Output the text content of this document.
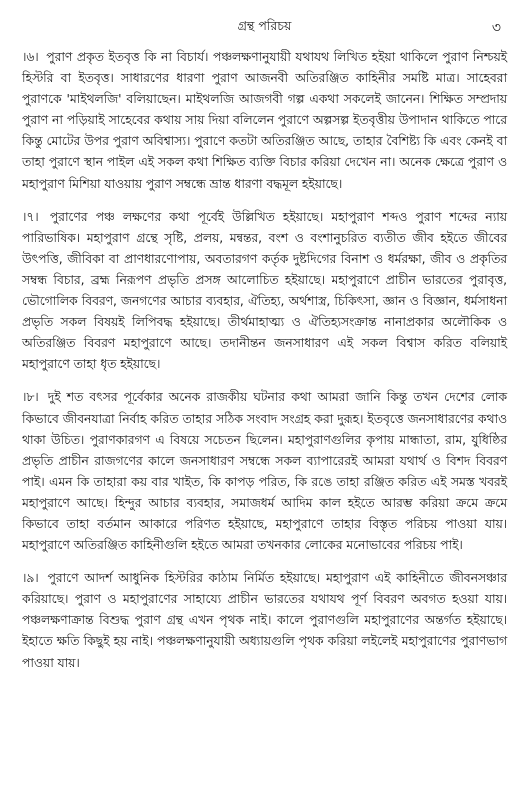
গ্রন্থ পরিচয়	৩

।৬। পুরাণ প্রকৃত ইতবৃত্ত কি না বিচার্য। পঞ্চলক্ষণানুযায়ী যথাযথ লিখিত হইয়া থাকিলে পুরাণ নিশ্চয়ই হিস্টরি বা ইতবৃত্ত। সাধারণের ধারণা পুরাণ আজনবী অতিরঞ্জিত কাহিনীর সমষ্টি মাত্র। সাহেবরা পুরাণকে 'মাইথলজি' বলিয়াছেন। মাইথলজি আজগবী গল্প একথা সকলেই জানেন। শিক্ষিত সম্প্রদায় পুরাণ না পড়িয়াই সাহেবের কথায় সায় দিয়া বলিলেন পুরাণে অল্পসল্প ইতবৃত্তীয় উপাদান থাকিতে পারে কিন্তু মোটের উপর পুরাণ অবিশ্বাস্য। পুরাণে কতটা অতিরঞ্জিত আছে, তাহার বৈশিষ্ট্য কি এবং কেনই বা তাহা পুরাণে স্থান পাইল এই সকল কথা শিক্ষিত ব্যক্তি বিচার করিয়া দেখেন না। অনেক ক্ষেত্রে পুরাণ ও মহাপুরাণ মিশিয়া যাওয়ায় পুরাণ সম্বন্ধে ভ্রান্ত ধারণা বদ্ধমূল হইয়াছে।

।৭। পুরাণের পঞ্চ লক্ষণের কথা পূর্বেই উল্লিখিত হইয়াছে। মহাপুরাণ শব্দও পুরাণ শব্দের ন্যায় পারিভাষিক। মহাপুরাণ গ্রন্থে সৃষ্টি, প্রলয়, মন্বন্তর, বংশ ও বংশানুচরিত ব্যতীত জীব হইতে জীবের উৎপত্তি, জীবিকা বা প্রাণধারণোপায়, অবতারগণ কর্তৃক দুষ্টদিগের বিনাশ ও ধর্মরক্ষা, জীব ও প্রকৃতির সম্বন্ধ বিচার, ব্রহ্ম নিরূপণ প্রভৃতি প্রসঙ্গ আলোচিত হইয়াছে। মহাপুরাণে প্রাচীন ভারতের পুরাবৃত্ত, ভৌগোলিক বিবরণ, জনগণের আচার ব্যবহার, ঐতিহ্য, অর্থশাস্ত্র, চিকিৎসা, জ্ঞান ও বিজ্ঞান, ধর্মসাধনা প্রভৃতি সকল বিষয়ই লিপিবদ্ধ হইয়াছে। তীর্থমাহাত্ম্য ও ঐতিহ্যসংক্রান্ত নানাপ্রকার অলৌকিক ও অতিরঞ্জিত বিবরণ মহাপুরাণে আছে। তদানীন্তন জনসাধারণ এই সকল বিশ্বাস করিত বলিয়াই মহাপুরাণে তাহা ধৃত হইয়াছে।

।৮। দুই শত বৎসর পূর্বেকার অনেক রাজকীয় ঘটনার কথা আমরা জানি কিন্তু তখন দেশের লোক কিভাবে জীবনযাত্রা নির্বাহ করিত তাহার সঠিক সংবাদ সংগ্রহ করা দুরূহ। ইতবৃত্তে জনসাধারণের কথাও থাকা উচিত। পুরাণকারগণ এ বিষয়ে সচেতন ছিলেন। মহাপুরাণগুলির কৃপায় মান্ধাতা, রাম, যুধিষ্ঠির প্রভৃতি প্রাচীন রাজগণের কালে জনসাধারণ সম্বন্ধে সকল ব্যাপারেরই আমরা যথার্থ ও বিশদ বিবরণ পাই। এমন কি তাহারা কয় বার খাইত, কি কাপড় পরিত, কি রঙে তাহা রঞ্জিত করিত এই সমস্ত খবরই মহাপুরাণে আছে। হিন্দুর আচার ব্যবহার, সমাজধর্ম আদিম কাল হইতে আরম্ভ করিয়া ক্রমে ক্রমে কিভাবে তাহা বর্তমান আকারে পরিণত হইয়াছে, মহাপুরাণে তাহার বিস্তৃত পরিচয় পাওয়া যায়। মহাপুরাণে অতিরঞ্জিত কাহিনীগুলি হইতে আমরা তখনকার লোকের মনোভাবের পরিচয় পাই।

।৯। পুরাণে আদর্শ আধুনিক হিস্টরির কাঠাম নির্মিত হইয়াছে। মহাপুরাণ এই কাহিনীতে জীবনসঞ্চার করিয়াছে। পুরাণ ও মহাপুরাণের সাহায্যে প্রাচীন ভারতের যথাযথ পূর্ণ বিবরণ অবগত হওয়া যায়। পঞ্চলক্ষণাক্রান্ত বিশুদ্ধ পুরাণ গ্রন্থ এখন পৃথক নাই। কালে পুরাণগুলি মহাপুরাণের অন্তর্গত হইয়াছে। ইহাতে ক্ষতি কিছুই হয় নাই। পঞ্চলক্ষণানুযায়ী অধ্যায়গুলি পৃথক করিয়া লইলেই মহাপুরাণের পুরাণভাগ পাওয়া যায়।
